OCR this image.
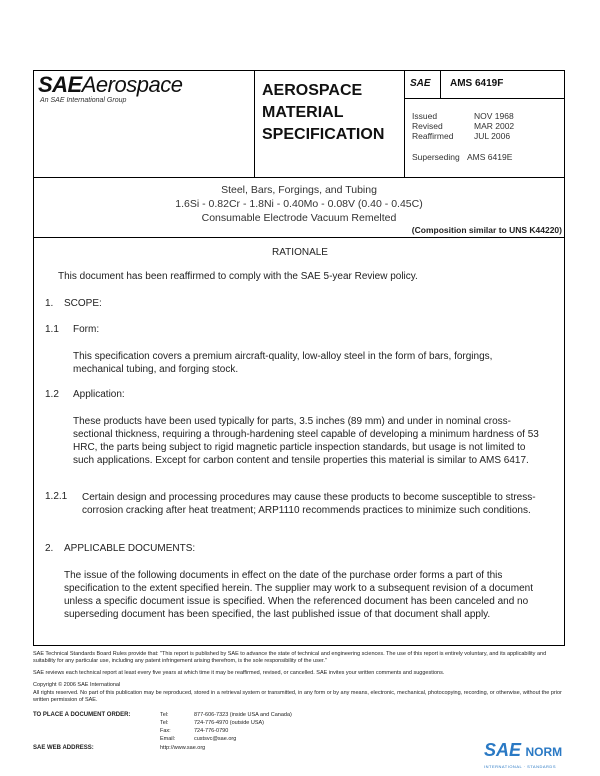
SAEAerospace
An SAE International Group
AEROSPACE
MATERIAL
SPECIFICATION
SAE AMS 6419F
Issued	NOV 1968
Revised	MAR 2002
Reaffirmed JUL 2006
Superseding AMS 6419E
Steel, Bars, Forgings, and Tubing
1.6Si - 0.82Cr - 1.8Ni - 0.40Mo - 0.08V (0.40 - 0.45C)
Consumable Electrode Vacuum Remelted
(Composition similar to UNS K44220)
RATIONALE
This document has been reaffirmed to comply with the SAE 5-year Review policy.
1. SCOPE:
1.1 Form:
This specification covers a premium aircraft-quality, low-alloy steel in the form of bars, forgings, mechanical tubing, and forging stock.
1.2 Application:
These products have been used typically for parts, 3.5 inches (89 mm) and under in nominal cross-sectional thickness, requiring a through-hardening steel capable of developing a minimum hardness of 53 HRC, the parts being subject to rigid magnetic particle inspection standards, but usage is not limited to such applications. Except for carbon content and tensile properties this material is similar to AMS 6417.
1.2.1 Certain design and processing procedures may cause these products to become susceptible to stress-corrosion cracking after heat treatment; ARP1110 recommends practices to minimize such conditions.
2. APPLICABLE DOCUMENTS:
The issue of the following documents in effect on the date of the purchase order forms a part of this specification to the extent specified herein. The supplier may work to a subsequent revision of a document unless a specific document issue is specified. When the referenced document has been canceled and no superseding document has been specified, the last published issue of that document shall apply.
SAE Technical Standards Board Rules provide that: "This report is published by SAE to advance the state of technical and engineering sciences. The use of this report is entirely voluntary, and its applicability and suitability for any particular use, including any patent infringement arising therefrom, is the sole responsibility of the user."
SAE reviews each technical report at least every five years at which time it may be reaffirmed, revised, or cancelled. SAE invites your written comments and suggestions.
Copyright © 2006 SAE International
All rights reserved. No part of this publication may be reproduced, stored in a retrieval system or transmitted, in any form or by any means, electronic, mechanical, photocopying, recording, or otherwise, without the prior written permission of SAE.
TO PLACE A DOCUMENT ORDER:	Tel:	877-606-7323 (inside USA and Canada)
Tel:	724-776-4970 (outside USA)
Fax:	724-776-0790
Email:	custsvc@sae.org
SAE WEB ADDRESS:	http://www.sae.org	SAE NORM
INTERNATIONAL · STANDARDS
